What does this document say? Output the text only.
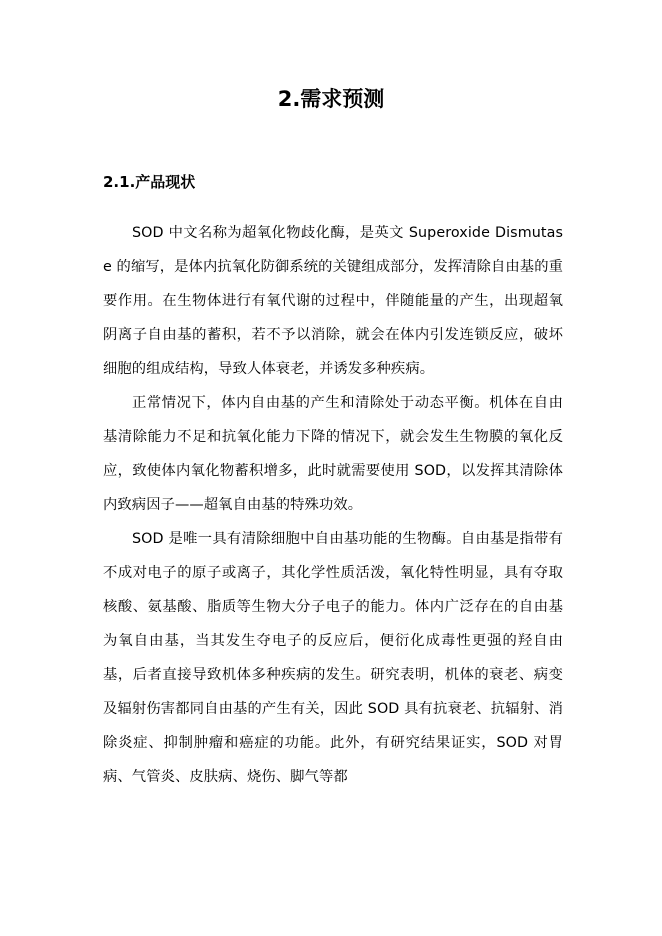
2.需求预测
2.1.产品现状

SOD 中文名称为超氧化物歧化酶，是英文 Superoxide Dismutase 的缩写，是体内抗氧化防御系统的关键组成部分，发挥清除自由基的重要作用。在生物体进行有氧代谢的过程中，伴随能量的产生，出现超氧阴离子自由基的蓄积，若不予以消除，就会在体内引发连锁反应，破坏细胞的组成结构，导致人体衰老，并诱发多种疾病。

正常情况下，体内自由基的产生和清除处于动态平衡。机体在自由基清除能力不足和抗氧化能力下降的情况下，就会发生生物膜的氧化反应，致使体内氧化物蓄积增多，此时就需要使用 SOD，以发挥其清除体内致病因子——超氧自由基的特殊功效。

SOD 是唯一具有清除细胞中自由基功能的生物酶。自由基是指带有不成对电子的原子或离子，其化学性质活泼，氧化特性明显，具有夺取核酸、氨基酸、脂质等生物大分子电子的能力。体内广泛存在的自由基为氧自由基，当其发生夺电子的反应后，便衍化成毒性更强的羟自由基，后者直接导致机体多种疾病的发生。研究表明，机体的衰老、病变及辐射伤害都同自由基的产生有关，因此 SOD 具有抗衰老、抗辐射、消除炎症、抑制肿瘤和癌症的功能。此外，有研究结果证实，SOD 对胃病、气管炎、皮肤病、烧伤、脚气等都
